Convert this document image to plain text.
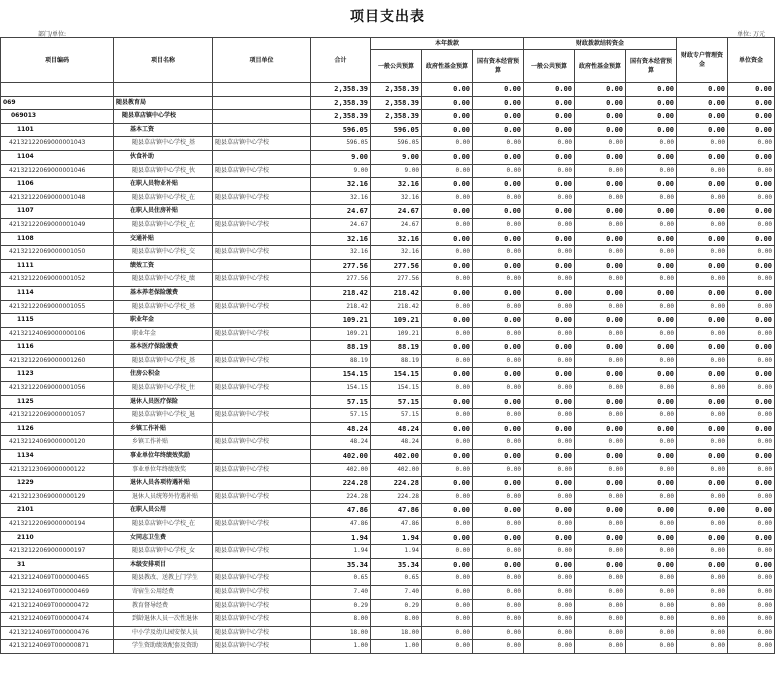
项目支出表
部门/单位:	单位: 万元
项目编码	项目名称	项目单位	合计	本年拨款			财政拨款结转资金			财政专户管理资金	单位资金
				一般公共预算	政府性基金预算	国有资本经营预算	一般公共预算	政府性基金预算	国有资本经营预算		
			2,358.39	2,358.39	0.00	0.00	0.00	0.00	0.00	0.00	0.00
069	随县教育局		2,358.39	2,358.39	0.00	0.00	0.00	0.00	0.00	0.00	0.00
069013	随县草店镇中心学校		2,358.39	2,358.39	0.00	0.00	0.00	0.00	0.00	0.00	0.00
1101	基本工资		596.05	596.05	0.00	0.00	0.00	0.00	0.00	0.00	0.00
42132122069000001043	随县草店镇中心学校_基	随县草店镇中心学校	596.05	596.05	0.00	0.00	0.00	0.00	0.00	0.00	0.00
1104	伙食补助		9.00	9.00	0.00	0.00	0.00	0.00	0.00	0.00	0.00
42132122069000001046	随县草店镇中心学校_伙	随县草店镇中心学校	9.00	9.00	0.00	0.00	0.00	0.00	0.00	0.00	0.00
1106	在职人员物业补贴		32.16	32.16	0.00	0.00	0.00	0.00	0.00	0.00	0.00
42132122069000001048	随县草店镇中心学校_在	随县草店镇中心学校	32.16	32.16	0.00	0.00	0.00	0.00	0.00	0.00	0.00
1107	在职人员住房补贴		24.67	24.67	0.00	0.00	0.00	0.00	0.00	0.00	0.00
42132122069000001049	随县草店镇中心学校_在	随县草店镇中心学校	24.67	24.67	0.00	0.00	0.00	0.00	0.00	0.00	0.00
1108	交通补贴		32.16	32.16	0.00	0.00	0.00	0.00	0.00	0.00	0.00
42132122069000001050	随县草店镇中心学校_交	随县草店镇中心学校	32.16	32.16	0.00	0.00	0.00	0.00	0.00	0.00	0.00
1111	绩效工资		277.56	277.56	0.00	0.00	0.00	0.00	0.00	0.00	0.00
42132122069000001052	随县草店镇中心学校_绩	随县草店镇中心学校	277.56	277.56	0.00	0.00	0.00	0.00	0.00	0.00	0.00
1114	基本养老保险缴费		218.42	218.42	0.00	0.00	0.00	0.00	0.00	0.00	0.00
42132122069000001055	随县草店镇中心学校_基	随县草店镇中心学校	218.42	218.42	0.00	0.00	0.00	0.00	0.00	0.00	0.00
1115	职业年金		109.21	109.21	0.00	0.00	0.00	0.00	0.00	0.00	0.00
42132124069000000106	职业年金	随县草店镇中心学校	109.21	109.21	0.00	0.00	0.00	0.00	0.00	0.00	0.00
1116	基本医疗保险缴费		88.19	88.19	0.00	0.00	0.00	0.00	0.00	0.00	0.00
42132122069000001260	随县草店镇中心学校_基	随县草店镇中心学校	88.19	88.19	0.00	0.00	0.00	0.00	0.00	0.00	0.00
1123	住房公积金		154.15	154.15	0.00	0.00	0.00	0.00	0.00	0.00	0.00
42132122069000001056	随县草店镇中心学校_住	随县草店镇中心学校	154.15	154.15	0.00	0.00	0.00	0.00	0.00	0.00	0.00
1125	退休人员医疗保险		57.15	57.15	0.00	0.00	0.00	0.00	0.00	0.00	0.00
42132122069000001057	随县草店镇中心学校_退	随县草店镇中心学校	57.15	57.15	0.00	0.00	0.00	0.00	0.00	0.00	0.00
1126	乡镇工作补贴		48.24	48.24	0.00	0.00	0.00	0.00	0.00	0.00	0.00
42132124069000000120	乡镇工作补贴	随县草店镇中心学校	48.24	48.24	0.00	0.00	0.00	0.00	0.00	0.00	0.00
1134	事业单位年终绩效奖励		402.00	402.00	0.00	0.00	0.00	0.00	0.00	0.00	0.00
42132123069000000122	事业单位年终绩效奖	随县草店镇中心学校	402.00	402.00	0.00	0.00	0.00	0.00	0.00	0.00	0.00
1229	退休人员各项待遇补贴		224.28	224.28	0.00	0.00	0.00	0.00	0.00	0.00	0.00
42132123069000000129	退休人员统筹外待遇补贴	随县草店镇中心学校	224.28	224.28	0.00	0.00	0.00	0.00	0.00	0.00	0.00
2101	在职人员公用		47.86	47.86	0.00	0.00	0.00	0.00	0.00	0.00	0.00
42132122069000000194	随县草店镇中心学校_在	随县草店镇中心学校	47.86	47.86	0.00	0.00	0.00	0.00	0.00	0.00	0.00
2110	女同志卫生费		1.94	1.94	0.00	0.00	0.00	0.00	0.00	0.00	0.00
42132122069000000197	随县草店镇中心学校_女	随县草店镇中心学校	1.94	1.94	0.00	0.00	0.00	0.00	0.00	0.00	0.00
31	本级安排项目		35.34	35.34	0.00	0.00	0.00	0.00	0.00	0.00	0.00
42132124069T000000465	随县教改、送教上门学生	随县草店镇中心学校	0.65	0.65	0.00	0.00	0.00	0.00	0.00	0.00	0.00
42132124069T000000469	寄宿生公用经费	随县草店镇中心学校	7.40	7.40	0.00	0.00	0.00	0.00	0.00	0.00	0.00
42132124069T000000472	教育督导经费	随县草店镇中心学校	0.29	0.29	0.00	0.00	0.00	0.00	0.00	0.00	0.00
42132124069T000000474	到龄退休人员一次性退休	随县草店镇中心学校	8.00	8.00	0.00	0.00	0.00	0.00	0.00	0.00	0.00
42132124069T000000476	中小学及幼儿园安保人员	随县草店镇中心学校	18.00	18.00	0.00	0.00	0.00	0.00	0.00	0.00	0.00
42132124069T000000871	学生资助绩效配套及资助	随县草店镇中心学校	1.00	1.00	0.00	0.00	0.00	0.00	0.00	0.00	0.00
